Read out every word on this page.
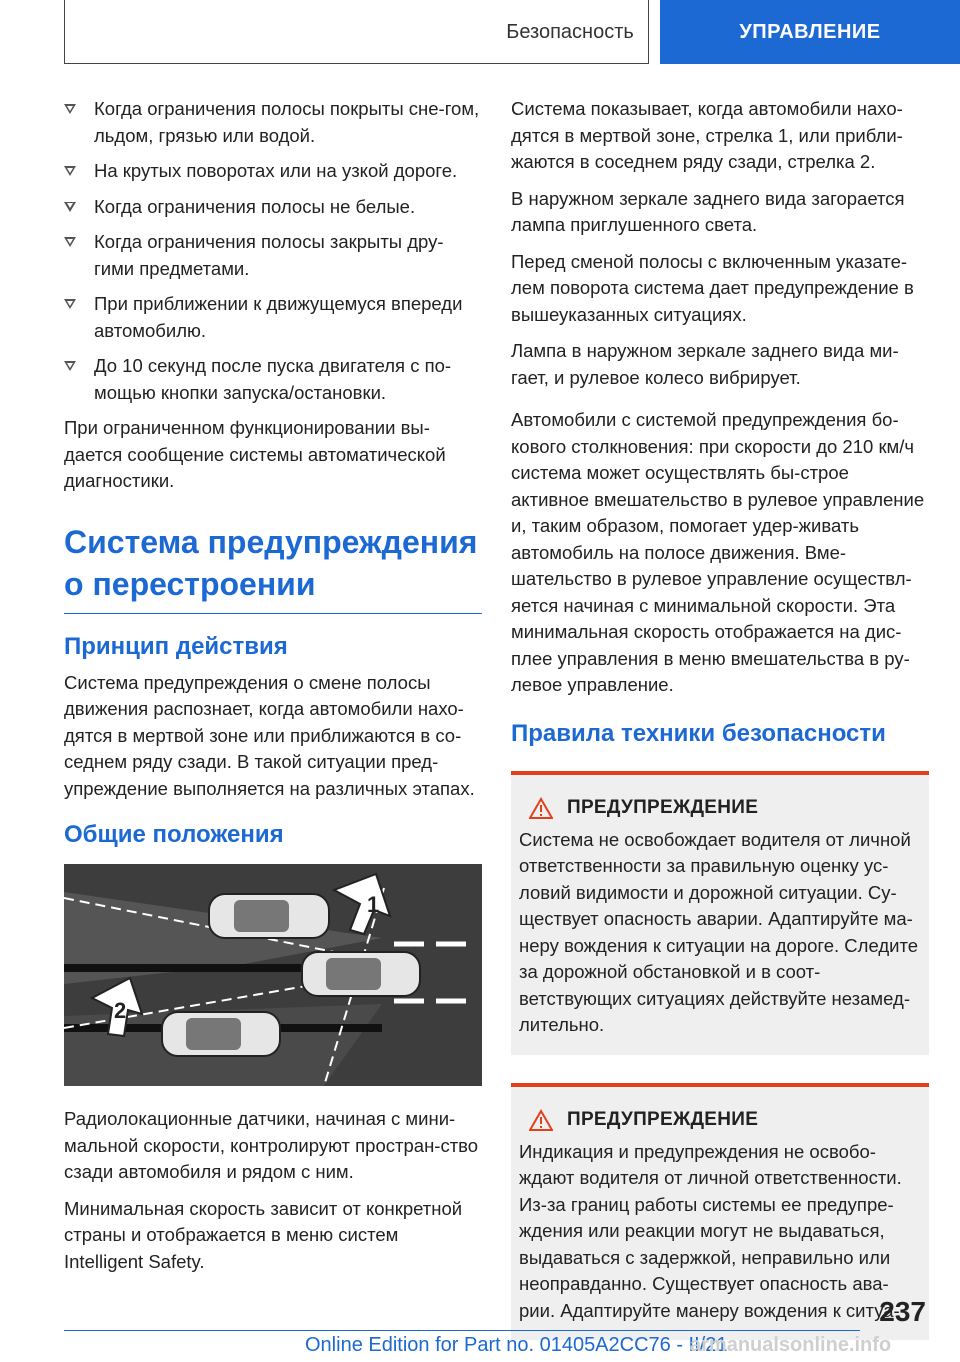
Безопасность	УПРАВЛЕНИЕ
Когда ограничения полосы покрыты сне-гом, льдом, грязью или водой.
На крутых поворотах или на узкой дороге.
Когда ограничения полосы не белые.
Когда ограничения полосы закрыты дру-гими предметами.
При приближении к движущемуся впереди автомобилю.
До 10 секунд после пуска двигателя с по-мощью кнопки запуска/остановки.

При ограниченном функционировании вы-дается сообщение системы автоматической диагностики.

Система предупреждения о перестроении
Принцип действия

Система предупреждения о смене полосы движения распознает, когда автомобили нахо-дятся в мертвой зоне или приближаются в со-седнем ряду сзади. В такой ситуации пред-упреждение выполняется на различных этапах.

Общие положения
1
2

Радиолокационные датчики, начиная с мини-мальной скорости, контролируют простран-ство сзади автомобиля и рядом с ним.

Минимальная скорость зависит от конкретной страны и отображается в меню систем Intelligent Safety.

Система показывает, когда автомобили нахо-дятся в мертвой зоне, стрелка 1, или прибли-жаются в соседнем ряду сзади, стрелка 2.

В наружном зеркале заднего вида загорается лампа приглушенного света.

Перед сменой полосы с включенным указате-лем поворота система дает предупреждение в вышеуказанных ситуациях.

Лампа в наружном зеркале заднего вида ми-гает, и рулевое колесо вибрирует.

Автомобили с системой предупреждения бо-кового столкновения: при скорости до 210 км/ч система может осуществлять бы-строе активное вмешательство в рулевое управление и, таким образом, помогает удер-живать автомобиль на полосе движения. Вме-шательство в рулевое управление осуществл-яется начиная с минимальной скорости. Эта минимальная скорость отображается на дис-плее управления в меню вмешательства в ру-левое управление.

Правила техники безопасности
ПРЕДУПРЕЖДЕНИЕ

Система не освобождает водителя от личной ответственности за правильную оценку ус-ловий видимости и дорожной ситуации. Су-ществует опасность аварии. Адаптируйте ма-неру вождения к ситуации на дороге. Следите за дорожной обстановкой и в соот-ветствующих ситуациях действуйте незамед-лительно.

ПРЕДУПРЕЖДЕНИЕ

Индикация и предупреждения не освобо-ждают водителя от личной ответственности. Из-за границ работы системы ее предупре-ждения или реакции могут не выдаваться, выдаваться с задержкой, неправильно или неоправданно. Существует опасность ава-рии. Адаптируйте манеру вождения к ситуа-

237
Online Edition for Part no. 01405A2CC76 - II/21
armanualsonline.info
